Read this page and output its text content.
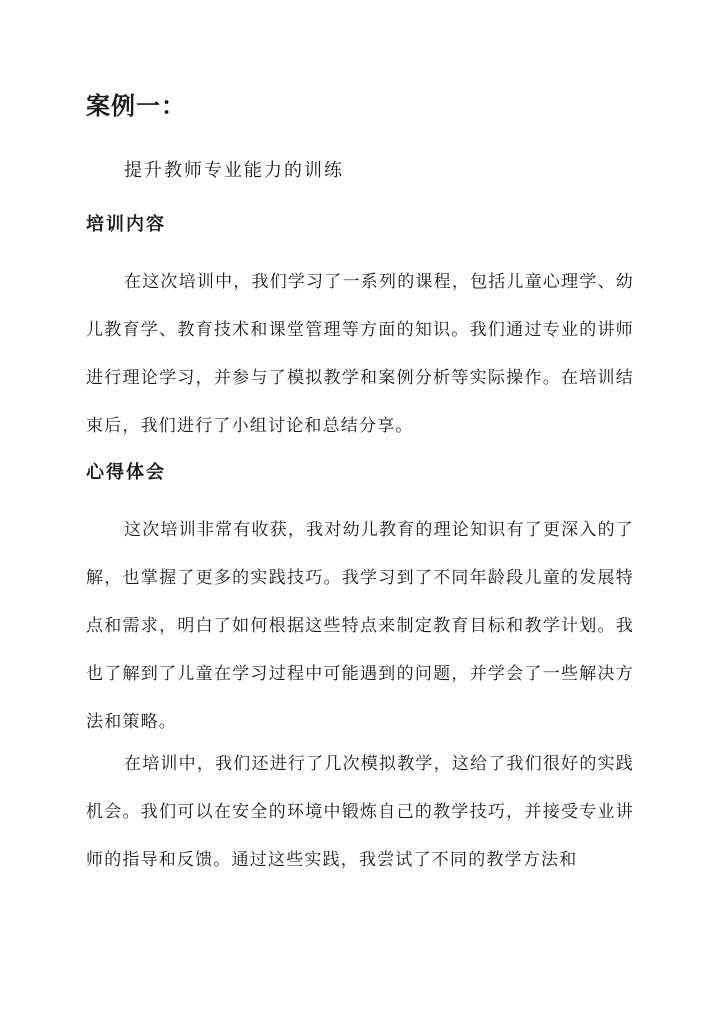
案例一：

提升教师专业能力的训练

培训内容

在这次培训中，我们学习了一系列的课程，包括儿童心理学、幼儿教育学、教育技术和课堂管理等方面的知识。我们通过专业的讲师进行理论学习，并参与了模拟教学和案例分析等实际操作。在培训结束后，我们进行了小组讨论和总结分享。

心得体会

这次培训非常有收获，我对幼儿教育的理论知识有了更深入的了解，也掌握了更多的实践技巧。我学习到了不同年龄段儿童的发展特点和需求，明白了如何根据这些特点来制定教育目标和教学计划。我也了解到了儿童在学习过程中可能遇到的问题，并学会了一些解决方法和策略。

在培训中，我们还进行了几次模拟教学，这给了我们很好的实践机会。我们可以在安全的环境中锻炼自己的教学技巧，并接受专业讲师的指导和反馈。通过这些实践，我尝试了不同的教学方法和
